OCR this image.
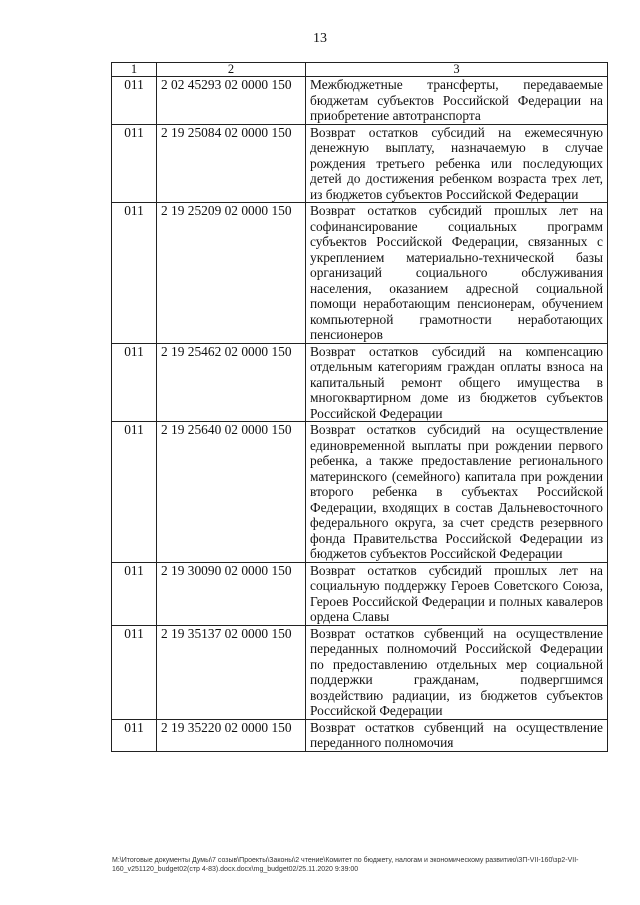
13
1	2	3
011	2 02 45293 02 0000 150	Межбюджетные трансферты, передаваемые бюджетам субъектов Российской Федерации на приобретение автотранспорта
011	2 19 25084 02 0000 150	Возврат остатков субсидий на ежемесячную денежную выплату, назначаемую в случае рождения третьего ребенка или последующих детей до достижения ребенком возраста трех лет, из бюджетов субъектов Российской Федерации
011	2 19 25209 02 0000 150	Возврат остатков субсидий прошлых лет на софинансирование социальных программ субъектов Российской Федерации, связанных с укреплением материально-технической базы организаций социального обслуживания населения, оказанием адресной социальной помощи неработающим пенсионерам, обучением компьютерной грамотности неработающих пенсионеров
011	2 19 25462 02 0000 150	Возврат остатков субсидий на компенсацию отдельным категориям граждан оплаты взноса на капитальный ремонт общего имущества в многоквартирном доме из бюджетов субъектов Российской Федерации
011	2 19 25640 02 0000 150	Возврат остатков субсидий на осуществление единовременной выплаты при рождении первого ребенка, а также предоставление регионального материнского (семейного) капитала при рождении второго ребенка в субъектах Российской Федерации, входящих в состав Дальневосточного федерального округа, за счет средств резервного фонда Правительства Российской Федерации из бюджетов субъектов Российской Федерации
011	2 19 30090 02 0000 150	Возврат остатков субсидий прошлых лет на социальную поддержку Героев Советского Союза, Героев Российской Федерации и полных кавалеров ордена Славы
011	2 19 35137 02 0000 150	Возврат остатков субвенций на осуществление переданных полномочий Российской Федерации по предоставлению отдельных мер социальной поддержки гражданам, подвергшимся воздействию радиации, из бюджетов субъектов Российской Федерации
011	2 19 35220 02 0000 150	Возврат остатков субвенций на осуществление переданного полномочия
M:\Итоговые документы Думы\7 созыв\Проекты\Законы\2 чтение\Комитет по бюджету, налогам и экономическому развитию\ЗП-VII-160\зр2-VII-160_v251120_budget02(стр 4-83).docx.docx\mg_budget02/25.11.2020 9:39:00
